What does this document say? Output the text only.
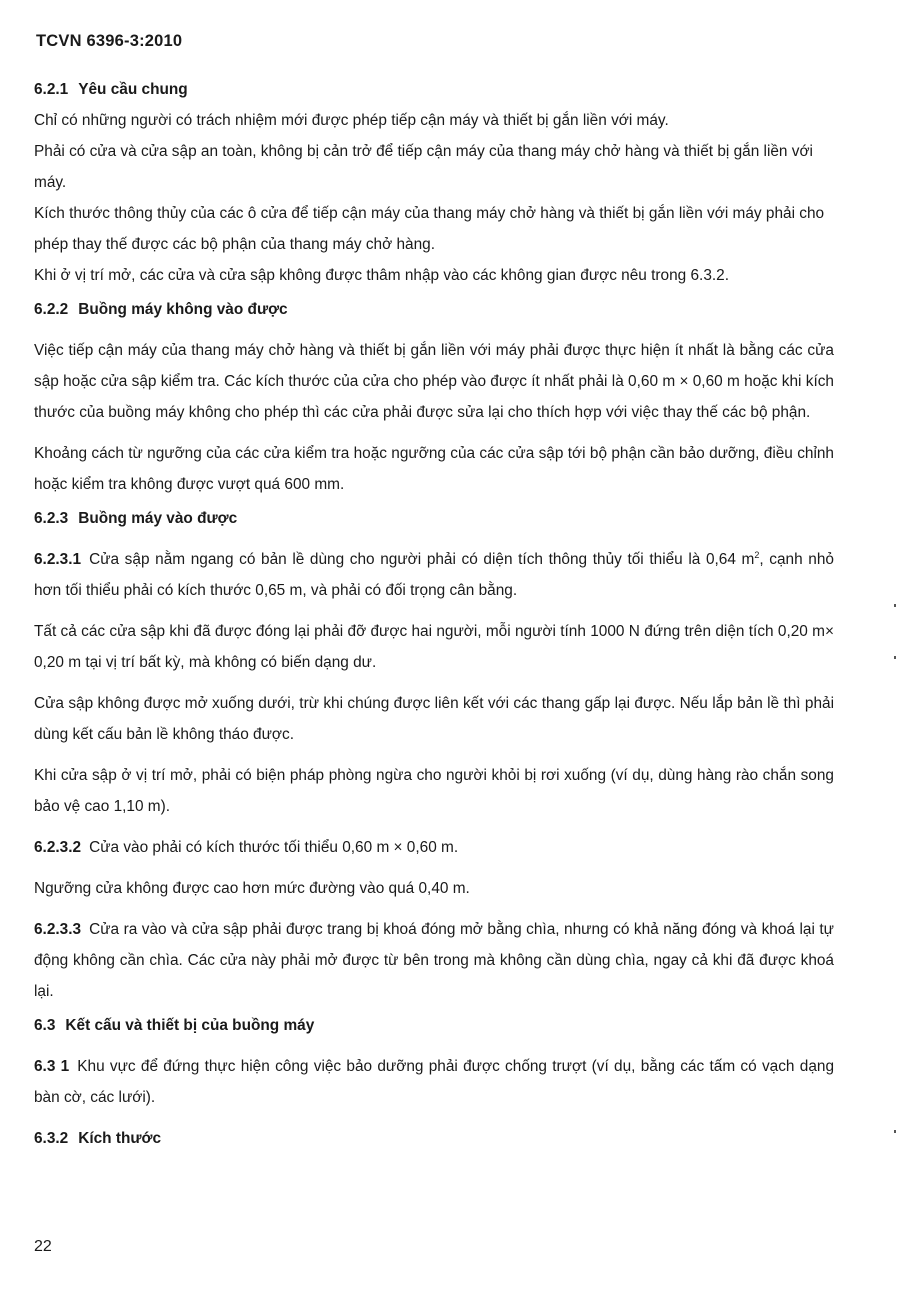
TCVN 6396-3:2010
6.2.1 Yêu cầu chung

Chỉ có những người có trách nhiệm mới được phép tiếp cận máy và thiết bị gắn liền với máy.

Phải có cửa và cửa sập an toàn, không bị cản trở để tiếp cận máy của thang máy chở hàng và thiết bị gắn liền với máy.

Kích thước thông thủy của các ô cửa để tiếp cận máy của thang máy chở hàng và thiết bị gắn liền với máy phải cho phép thay thế được các bộ phận của thang máy chở hàng.

Khi ở vị trí mở, các cửa và cửa sập không được thâm nhập vào các không gian được nêu trong 6.3.2.

6.2.2 Buồng máy không vào được

Việc tiếp cận máy của thang máy chở hàng và thiết bị gắn liền với máy phải được thực hiện ít nhất là bằng các cửa sập hoặc cửa sập kiểm tra. Các kích thước của cửa cho phép vào được ít nhất phải là 0,60 m × 0,60 m hoặc khi kích thước của buồng máy không cho phép thì các cửa phải được sửa lại cho thích hợp với việc thay thế các bộ phận.

Khoảng cách từ ngưỡng của các cửa kiểm tra hoặc ngưỡng của các cửa sập tới bộ phận cần bảo dưỡng, điều chỉnh hoặc kiểm tra không được vượt quá 600 mm.

6.2.3 Buồng máy vào được

6.2.3.1 Cửa sập nằm ngang có bản lề dùng cho người phải có diện tích thông thủy tối thiểu là 0,64 $m^2$, cạnh nhỏ hơn tối thiểu phải có kích thước 0,65 m, và phải có đối trọng cân bằng.

Tất cả các cửa sập khi đã được đóng lại phải đỡ được hai người, mỗi người tính 1000 N đứng trên diện tích 0,20 m× 0,20 m tại vị trí bất kỳ, mà không có biến dạng dư.

Cửa sập không được mở xuống dưới, trừ khi chúng được liên kết với các thang gấp lại được. Nếu lắp bản lề thì phải dùng kết cấu bản lề không tháo được.

Khi cửa sập ở vị trí mở, phải có biện pháp phòng ngừa cho người khỏi bị rơi xuống (ví dụ, dùng hàng rào chắn song bảo vệ cao 1,10 m).

6.2.3.2 Cửa vào phải có kích thước tối thiểu 0,60 m × 0,60 m.

Ngưỡng cửa không được cao hơn mức đường vào quá 0,40 m.

6.2.3.3 Cửa ra vào và cửa sập phải được trang bị khoá đóng mở bằng chìa, nhưng có khả năng đóng và khoá lại tự động không cần chìa. Các cửa này phải mở được từ bên trong mà không cần dùng chìa, ngay cả khi đã được khoá lại.

6.3 Kết cấu và thiết bị của buồng máy

6.3 1 Khu vực để đứng thực hiện công việc bảo dưỡng phải được chống trượt (ví dụ, bằng các tấm có vạch dạng bàn cờ, các lưới).

6.3.2 Kích thước
22
